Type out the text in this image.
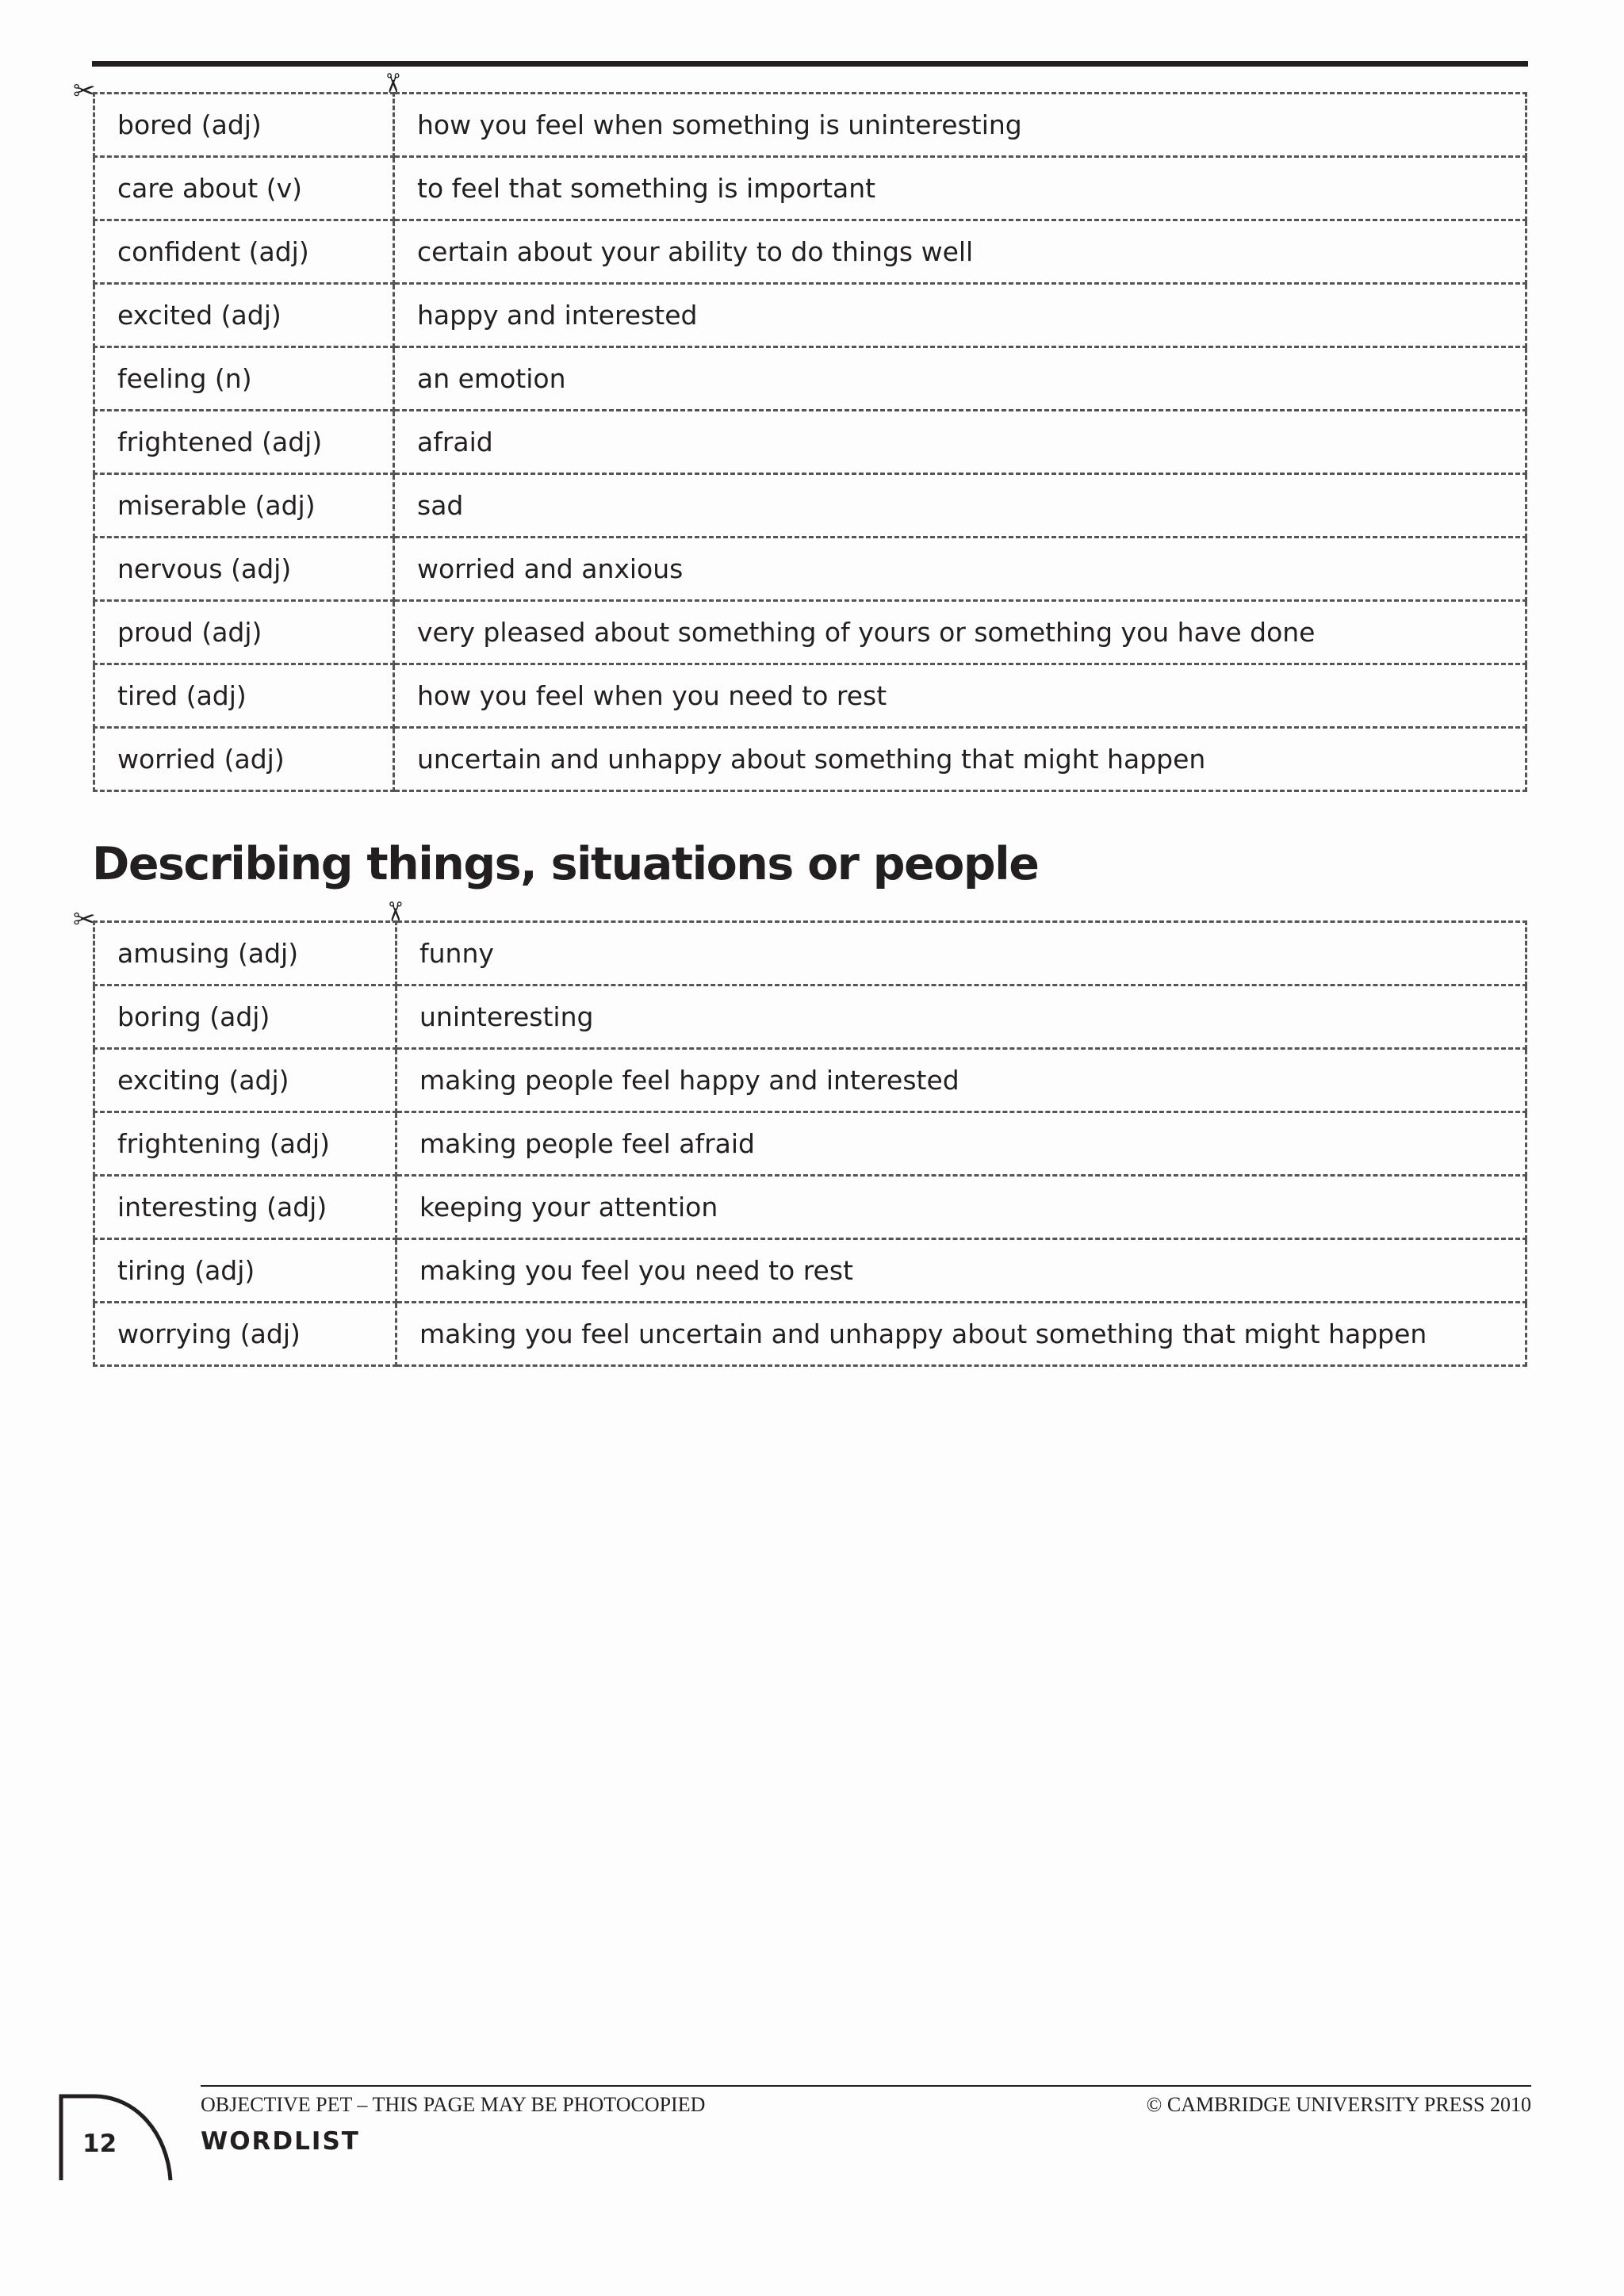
✂	✂
bored (adj)	how you feel when something is uninteresting
care about (v)	to feel that something is important
confident (adj)	certain about your ability to do things well
excited (adj)	happy and interested
feeling (n)	an emotion
frightened (adj)	afraid
miserable (adj)	sad
nervous (adj)	worried and anxious
proud (adj)	very pleased about something of yours or something you have done
tired (adj)	how you feel when you need to rest
worried (adj)	uncertain and unhappy about something that might happen
Describing things, situations or people
✂	✂
amusing (adj)	funny
boring (adj)	uninteresting
exciting (adj)	making people feel happy and interested
frightening (adj)	making people feel afraid
interesting (adj)	keeping your attention
tiring (adj)	making you feel you need to rest
worrying (adj)	making you feel uncertain and unhappy about something that might happen
OBJECTIVE PET – THIS PAGE MAY BE PHOTOCOPIED	© CAMBRIDGE UNIVERSITY PRESS 2010
WORDLIST
12
